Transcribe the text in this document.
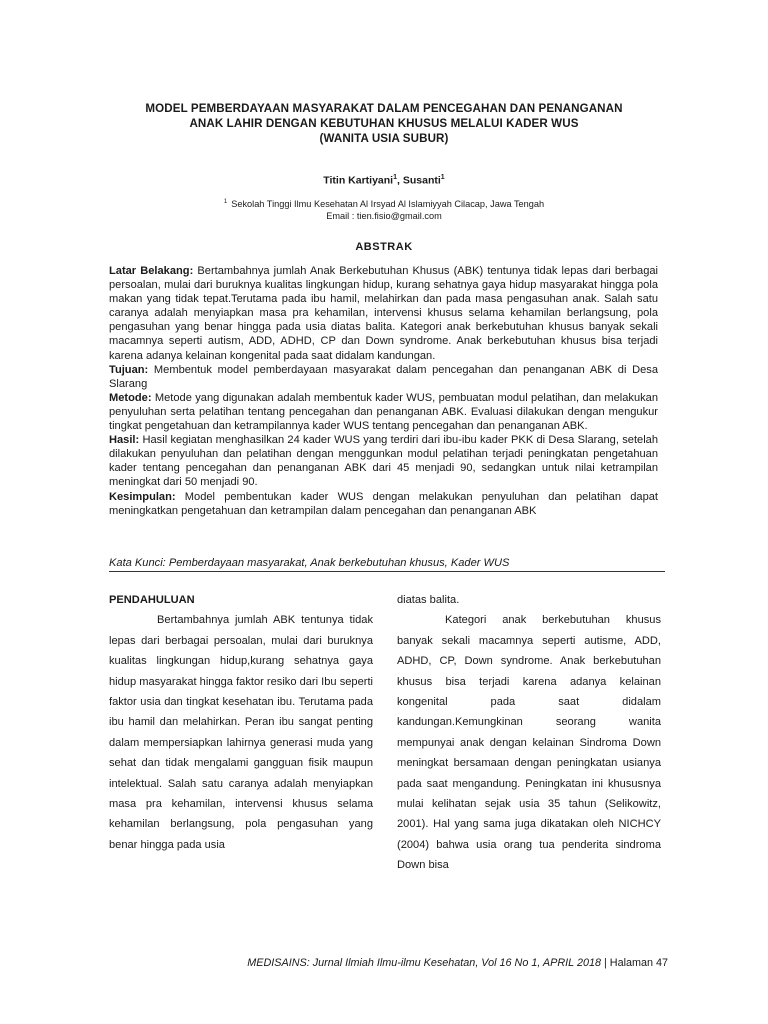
MODEL PEMBERDAYAAN MASYARAKAT DALAM PENCEGAHAN DAN PENANGANAN
ANAK LAHIR DENGAN KEBUTUHAN KHUSUS MELALUI KADER WUS
(WANITA USIA SUBUR)
Titin Kartiyani$^1$, Susanti$^1$
$^1$ Sekolah Tinggi Ilmu Kesehatan Al Irsyad Al Islamiyyah Cilacap, Jawa Tengah
Email : tien.fisio@gmail.com
ABSTRAK

Latar Belakang: Bertambahnya jumlah Anak Berkebutuhan Khusus (ABK) tentunya tidak lepas dari berbagai persoalan, mulai dari buruknya kualitas lingkungan hidup, kurang sehatnya gaya hidup masyarakat hingga pola makan yang tidak tepat.Terutama pada ibu hamil, melahirkan dan pada masa pengasuhan anak. Salah satu caranya adalah menyiapkan masa pra kehamilan, intervensi khusus selama kehamilan berlangsung, pola pengasuhan yang benar hingga pada usia diatas balita. Kategori anak berkebutuhan khusus banyak sekali macamnya seperti autism, ADD, ADHD, CP dan Down syndrome. Anak berkebutuhan khusus bisa terjadi karena adanya kelainan kongenital pada saat didalam kandungan.

Tujuan: Membentuk model pemberdayaan masyarakat dalam pencegahan dan penanganan ABK di Desa Slarang

Metode: Metode yang digunakan adalah membentuk kader WUS, pembuatan modul pelatihan, dan melakukan penyuluhan serta pelatihan tentang pencegahan dan penanganan ABK. Evaluasi dilakukan dengan mengukur tingkat pengetahuan dan ketrampilannya kader WUS tentang pencegahan dan penanganan ABK.

Hasil: Hasil kegiatan menghasilkan 24 kader WUS yang terdiri dari ibu-ibu kader PKK di Desa Slarang, setelah dilakukan penyuluhan dan pelatihan dengan menggunkan modul pelatihan terjadi peningkatan pengetahuan kader tentang pencegahan dan penanganan ABK dari 45 menjadi 90, sedangkan untuk nilai ketrampilan meningkat dari 50 menjadi 90.

Kesimpulan: Model pembentukan kader WUS dengan melakukan penyuluhan dan pelatihan dapat meningkatkan pengetahuan dan ketrampilan dalam pencegahan dan penanganan ABK

Kata Kunci: Pemberdayaan masyarakat, Anak berkebutuhan khusus, Kader WUS

PENDAHULUAN

Bertambahnya jumlah ABK tentunya tidak lepas dari berbagai persoalan, mulai dari buruknya kualitas lingkungan hidup,kurang sehatnya gaya hidup masyarakat hingga faktor resiko dari Ibu seperti faktor usia dan tingkat kesehatan ibu. Terutama pada ibu hamil dan melahirkan. Peran ibu sangat penting dalam mempersiapkan lahirnya generasi muda yang sehat dan tidak mengalami gangguan fisik maupun intelektual. Salah satu caranya adalah menyiapkan masa pra kehamilan, intervensi khusus selama kehamilan berlangsung, pola pengasuhan yang benar hingga pada usia

diatas balita.

Kategori anak berkebutuhan khusus banyak sekali macamnya seperti autisme, ADD, ADHD, CP, Down syndrome. Anak berkebutuhan khusus bisa terjadi karena adanya kelainan kongenital pada saat didalam kandungan.Kemungkinan seorang wanita mempunyai anak dengan kelainan Sindroma Down meningkat bersamaan dengan peningkatan usianya pada saat mengandung. Peningkatan ini khususnya mulai kelihatan sejak usia 35 tahun (Selikowitz, 2001). Hal yang sama juga dikatakan oleh NICHCY (2004) bahwa usia orang tua penderita sindroma Down bisa

MEDISAINS: Jurnal Ilmiah Ilmu-ilmu Kesehatan, Vol 16 No 1, APRIL 2018 | Halaman 47
